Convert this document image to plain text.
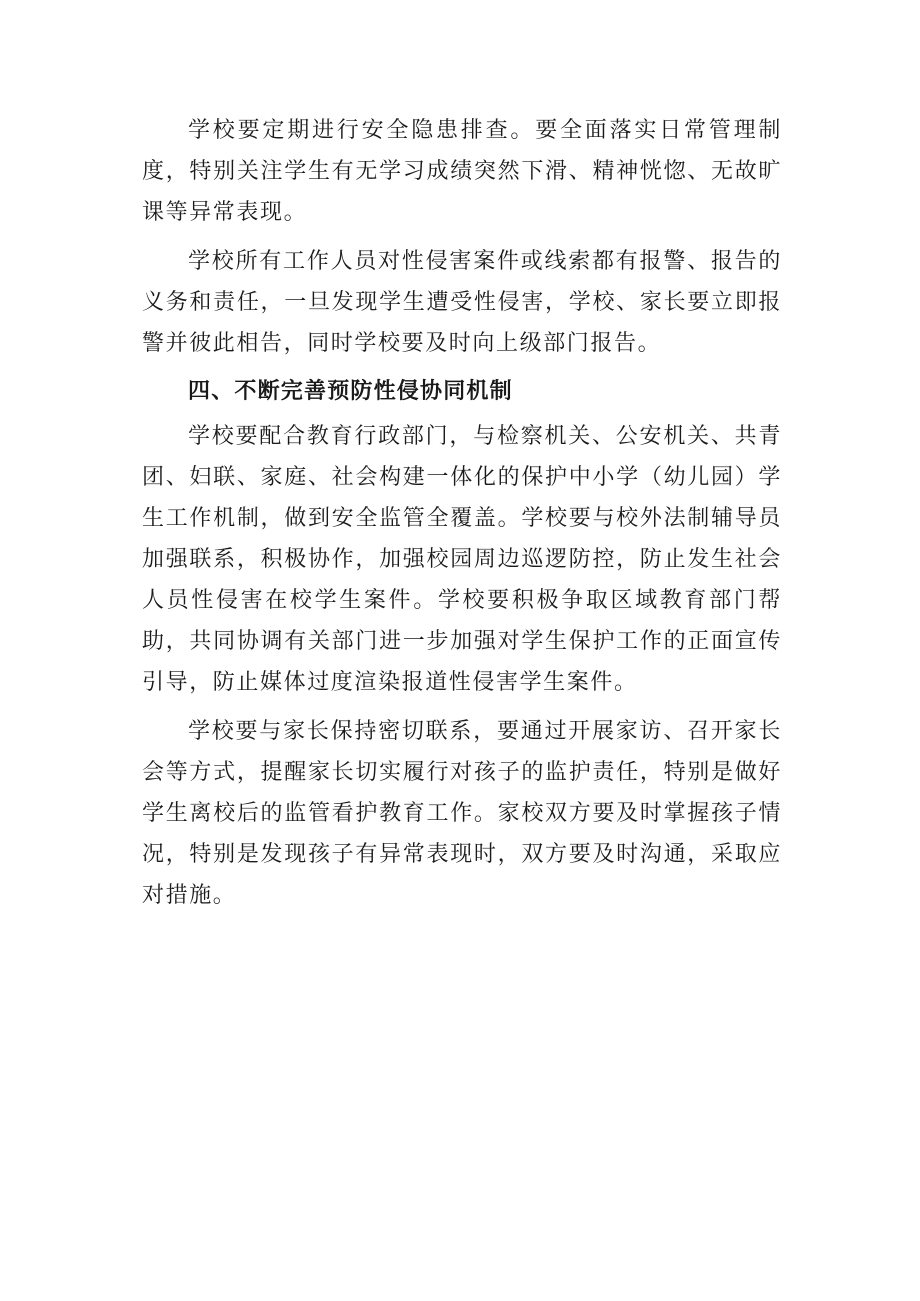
学校要定期进行安全隐患排查。要全面落实日常管理制度，特别关注学生有无学习成绩突然下滑、精神恍惚、无故旷课等异常表现。

学校所有工作人员对性侵害案件或线索都有报警、报告的义务和责任，一旦发现学生遭受性侵害，学校、家长要立即报警并彼此相告，同时学校要及时向上级部门报告。

四、不断完善预防性侵协同机制

学校要配合教育行政部门，与检察机关、公安机关、共青团、妇联、家庭、社会构建一体化的保护中小学（幼儿园）学生工作机制，做到安全监管全覆盖。学校要与校外法制辅导员加强联系，积极协作，加强校园周边巡逻防控，防止发生社会人员性侵害在校学生案件。学校要积极争取区域教育部门帮助，共同协调有关部门进一步加强对学生保护工作的正面宣传引导，防止媒体过度渲染报道性侵害学生案件。

学校要与家长保持密切联系，要通过开展家访、召开家长会等方式，提醒家长切实履行对孩子的监护责任，特别是做好学生离校后的监管看护教育工作。家校双方要及时掌握孩子情况，特别是发现孩子有异常表现时，双方要及时沟通，采取应对措施。
